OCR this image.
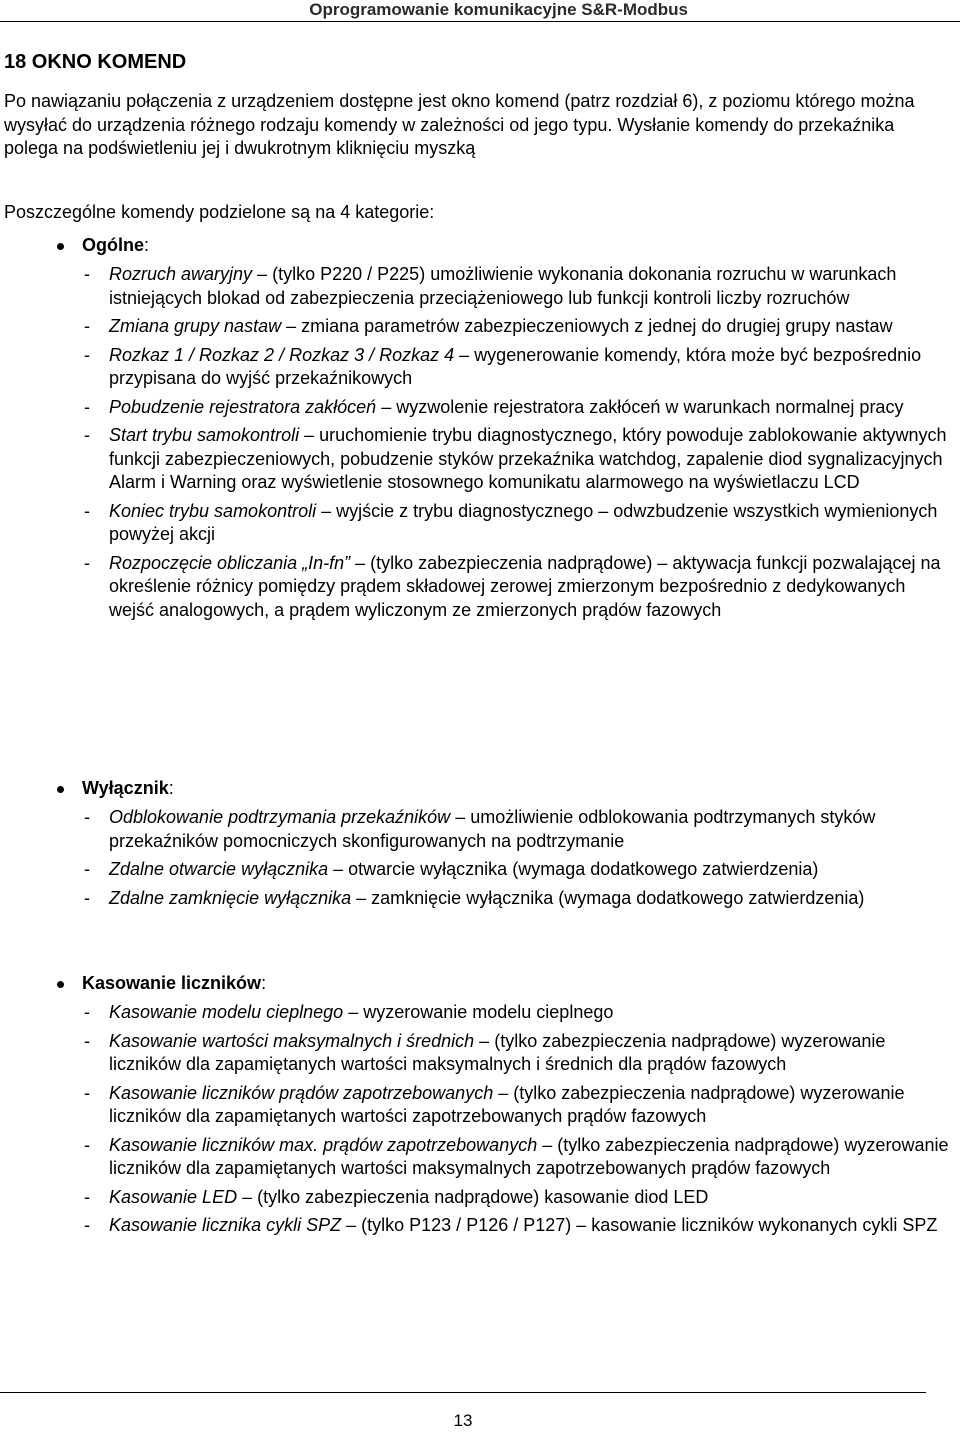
Oprogramowanie komunikacyjne S&R-Modbus
18 OKNO KOMEND

Po nawiązaniu połączenia z urządzeniem dostępne jest okno komend (patrz rozdział 6), z poziomu którego można wysyłać do urządzenia różnego rodzaju komendy w zależności od jego typu. Wysłanie komendy do przekaźnika polega na podświetleniu jej i dwukrotnym kliknięciu myszką

Poszczególne komendy podzielone są na 4 kategorie:

Ogólne:
- Rozruch awaryjny – (tylko P220 / P225) umożliwienie wykonania dokonania rozruchu w warunkach istniejących blokad od zabezpieczenia przeciążeniowego lub funkcji kontroli liczby rozruchów
- Zmiana grupy nastaw – zmiana parametrów zabezpieczeniowych z jednej do drugiej grupy nastaw
- Rozkaz 1 / Rozkaz 2 / Rozkaz 3 / Rozkaz 4 – wygenerowanie komendy, która może być bezpośrednio przypisana do wyjść przekaźnikowych
- Pobudzenie rejestratora zakłóceń – wyzwolenie rejestratora zakłóceń w warunkach normalnej pracy
- Start trybu samokontroli – uruchomienie trybu diagnostycznego, który powoduje zablokowanie aktywnych funkcji zabezpieczeniowych, pobudzenie styków przekaźnika watchdog, zapalenie diod sygnalizacyjnych Alarm i Warning oraz wyświetlenie stosownego komunikatu alarmowego na wyświetlaczu LCD
- Koniec trybu samokontroli – wyjście z trybu diagnostycznego – odwzbudzenie wszystkich wymienionych powyżej akcji
- Rozpoczęcie obliczania „In-fn” – (tylko zabezpieczenia nadprądowe) – aktywacja funkcji pozwalającej na określenie różnicy pomiędzy prądem składowej zerowej zmierzonym bezpośrednio z dedykowanych wejść analogowych, a prądem wyliczonym ze zmierzonych prądów fazowych
Wyłącznik:
- Odblokowanie podtrzymania przekaźników – umożliwienie odblokowania podtrzymanych styków przekaźników pomocniczych skonfigurowanych na podtrzymanie
- Zdalne otwarcie wyłącznika – otwarcie wyłącznika (wymaga dodatkowego zatwierdzenia)
- Zdalne zamknięcie wyłącznika – zamknięcie wyłącznika (wymaga dodatkowego zatwierdzenia)
Kasowanie liczników:
- Kasowanie modelu cieplnego – wyzerowanie modelu cieplnego
- Kasowanie wartości maksymalnych i średnich – (tylko zabezpieczenia nadprądowe) wyzerowanie liczników dla zapamiętanych wartości maksymalnych i średnich dla prądów fazowych
- Kasowanie liczników prądów zapotrzebowanych – (tylko zabezpieczenia nadprądowe) wyzerowanie liczników dla zapamiętanych wartości zapotrzebowanych prądów fazowych
- Kasowanie liczników max. prądów zapotrzebowanych – (tylko zabezpieczenia nadprądowe) wyzerowanie liczników dla zapamiętanych wartości maksymalnych zapotrzebowanych prądów fazowych
- Kasowanie LED – (tylko zabezpieczenia nadprądowe) kasowanie diod LED
- Kasowanie licznika cykli SPZ – (tylko P123 / P126 / P127) – kasowanie liczników wykonanych cykli SPZ
13
